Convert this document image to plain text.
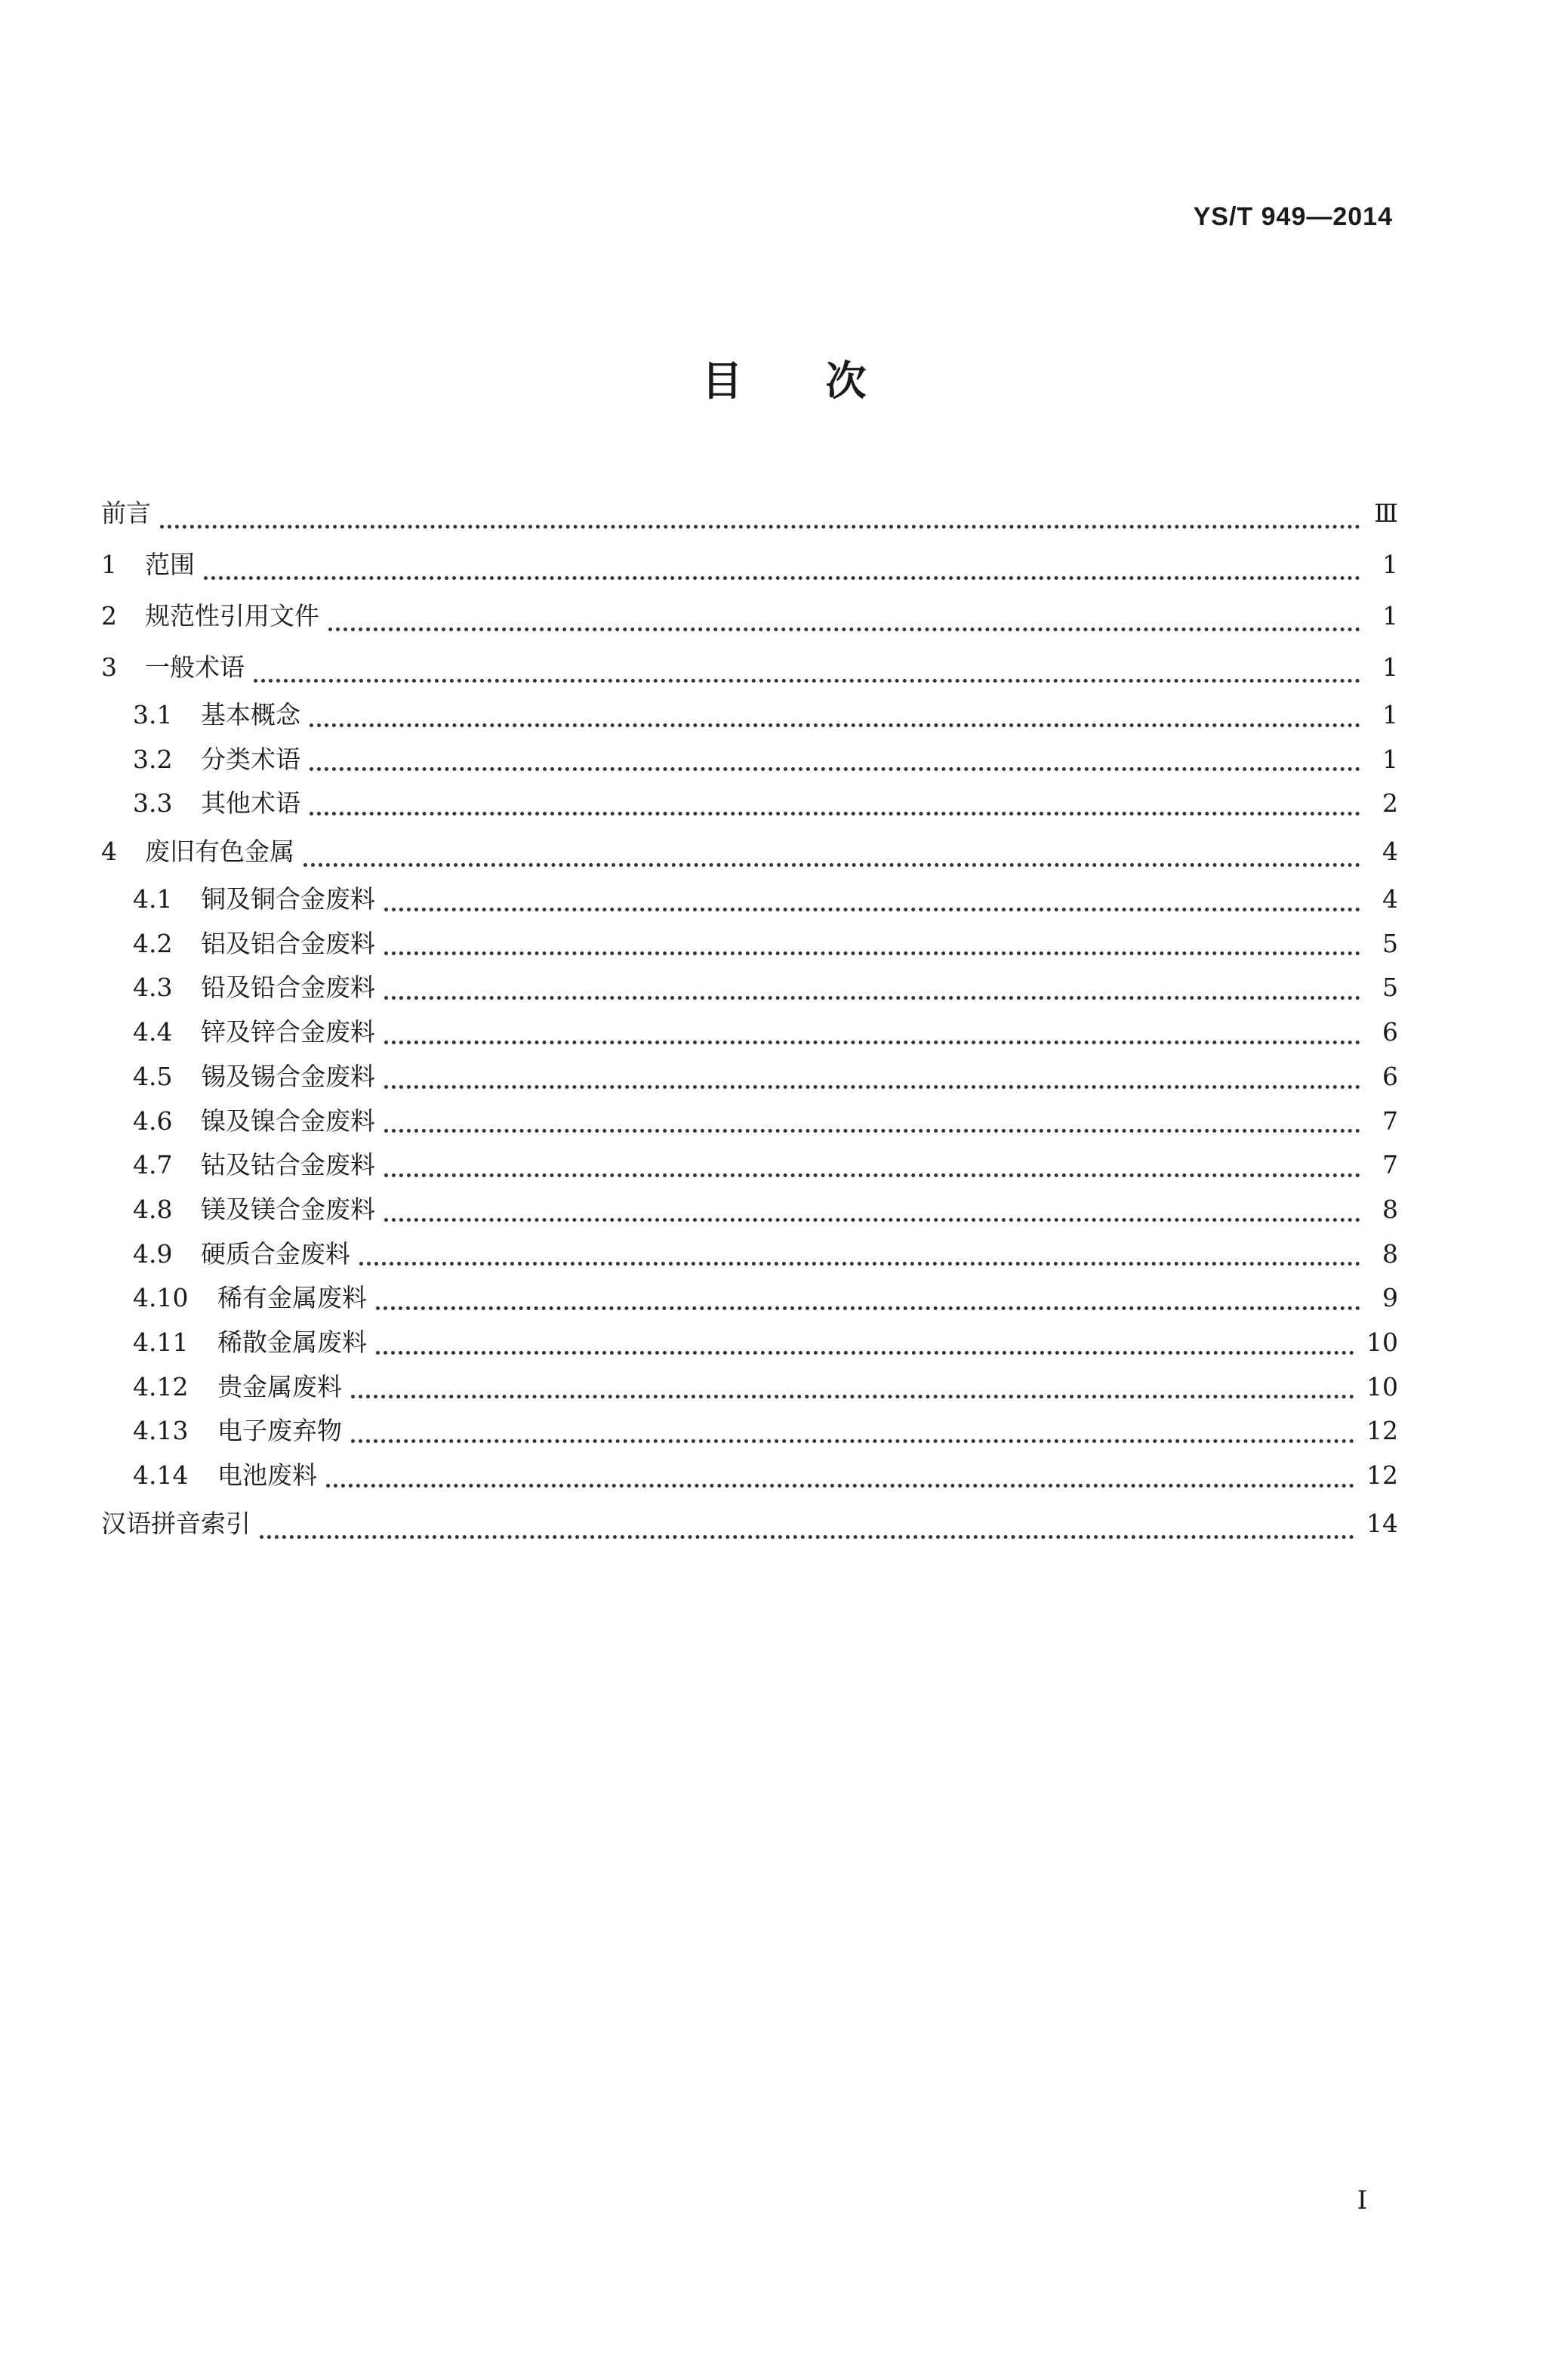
YS/T 949—2014
目次
前言	Ⅲ
1	范围	1
2	规范性引用文件	1
3	一般术语	1
3.1	基本概念	1
3.2	分类术语	1
3.3	其他术语	2
4	废旧有色金属	4
4.1	铜及铜合金废料	4
4.2	铝及铝合金废料	5
4.3	铅及铅合金废料	5
4.4	锌及锌合金废料	6
4.5	锡及锡合金废料	6
4.6	镍及镍合金废料	7
4.7	钴及钴合金废料	7
4.8	镁及镁合金废料	8
4.9	硬质合金废料	8
4.10	稀有金属废料	9
4.11	稀散金属废料	10
4.12	贵金属废料	10
4.13	电子废弃物	12
4.14	电池废料	12
汉语拼音索引	14
I
